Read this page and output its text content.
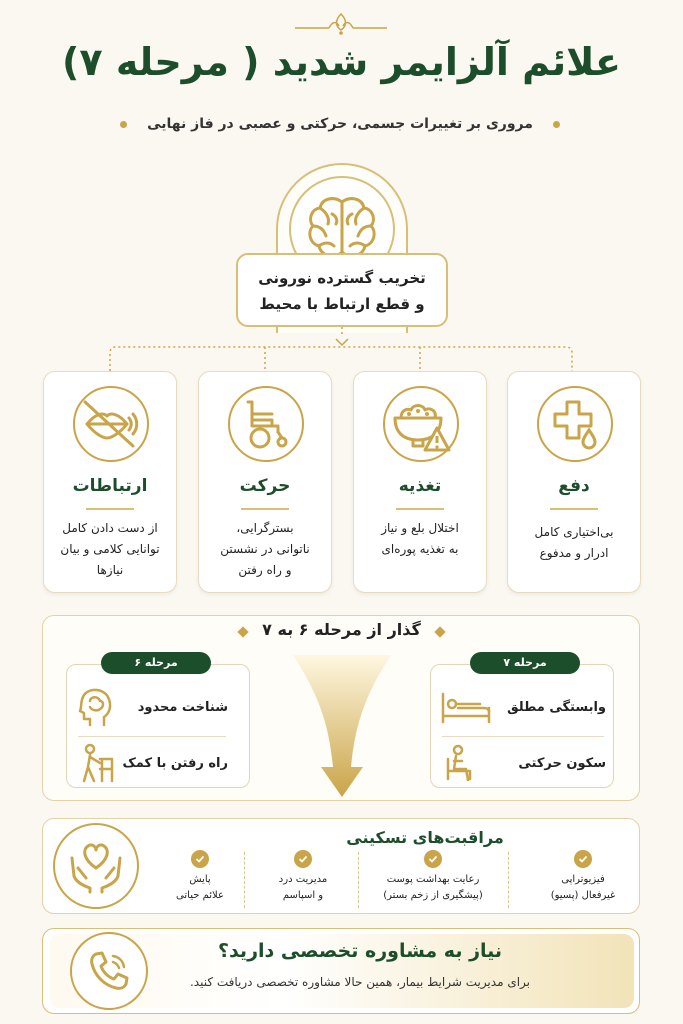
علائم آلزایمر شدید ( مرحله ۷)
مروری بر تغییرات جسمی، حرکتی و عصبی در فاز نهایی
تخریب گسترده نورونی
و قطع ارتباط با محیط
دفع
بی‌اختیاری کامل ادرار و مدفوع
تغذیه
اختلال بلع و نیاز به تغذیه پوره‌ای
حرکت
بسترگرایی، ناتوانی در نشستن و راه رفتن
ارتباطات
از دست دادن کامل توانایی کلامی و بیان نیازها
گذار از مرحله ۶ به ۷
مرحله ۷
وابستگی مطلق
سکون حرکتی
مرحله ۶
شناخت محدود
راه رفتن با کمک
مراقبت‌های تسکینی
فیزیوتراپی
غیرفعال (پسیو)
رعایت بهداشت پوست
(پیشگیری از زخم بستر)
مدیریت درد
و اسپاسم
پایش
علائم حیاتی
نیاز به مشاوره تخصصی دارید؟
برای مدیریت شرایط بیمار، همین حالا مشاوره تخصصی دریافت کنید.
